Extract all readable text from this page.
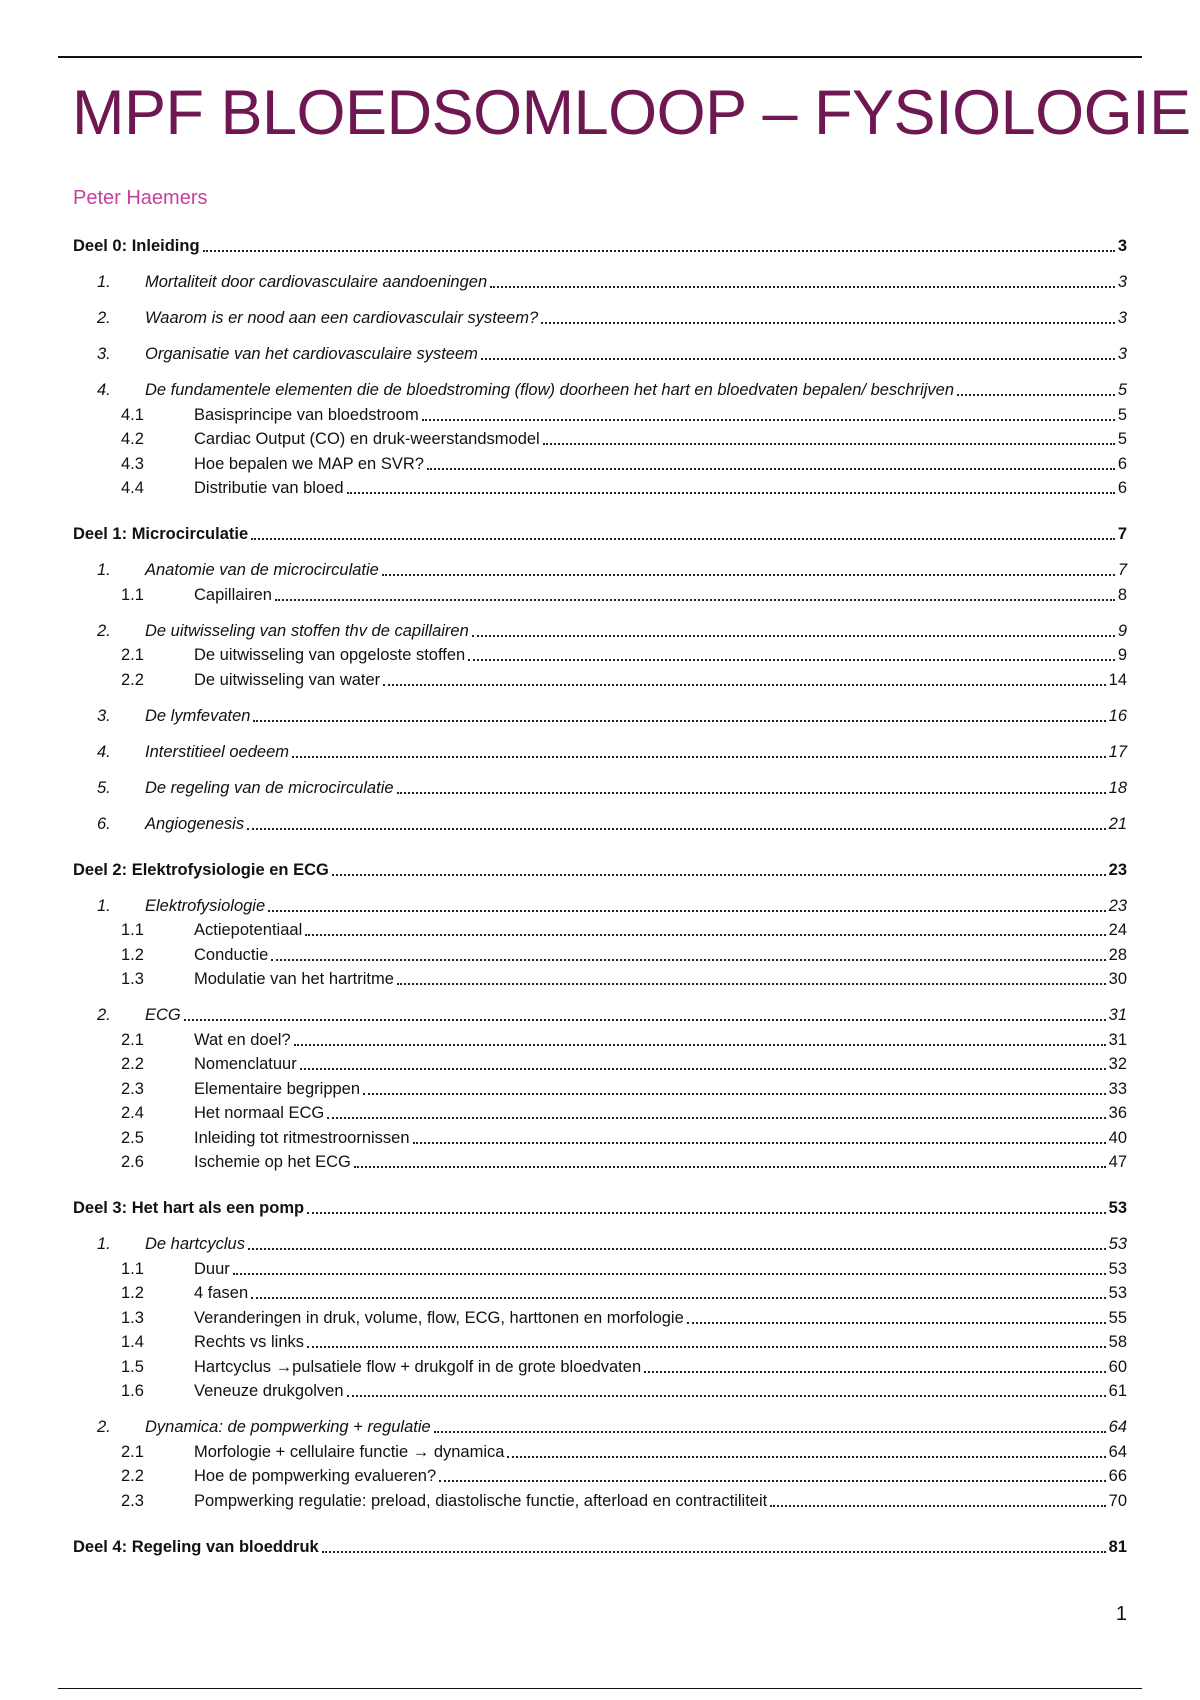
MPF BLOEDSOMLOOP – FYSIOLOGIE
Peter Haemers
Deel 0: Inleiding	3
1.	Mortaliteit door cardiovasculaire aandoeningen	3
2.	Waarom is er nood aan een cardiovasculair systeem?	3
3.	Organisatie van het cardiovasculaire systeem	3
4.	De fundamentele elementen die de bloedstroming (flow) doorheen het hart en bloedvaten bepalen/ beschrijven	5
4.1	Basisprincipe van bloedstroom	5
4.2	Cardiac Output (CO) en druk-weerstandsmodel	5
4.3	Hoe bepalen we MAP en SVR?	6
4.4	Distributie van bloed	6
Deel 1: Microcirculatie	7
1.	Anatomie van de microcirculatie	7
1.1	Capillairen	8
2.	De uitwisseling van stoffen thv de capillairen	9
2.1	De uitwisseling van opgeloste stoffen	9
2.2	De uitwisseling van water	14
3.	De lymfevaten	16
4.	Interstitieel oedeem	17
5.	De regeling van de microcirculatie	18
6.	Angiogenesis	21
Deel 2: Elektrofysiologie en ECG	23
1.	Elektrofysiologie	23
1.1	Actiepotentiaal	24
1.2	Conductie	28
1.3	Modulatie van het hartritme	30
2.	ECG	31
2.1	Wat en doel?	31
2.2	Nomenclatuur	32
2.3	Elementaire begrippen	33
2.4	Het normaal ECG	36
2.5	Inleiding tot ritmestroornissen	40
2.6	Ischemie op het ECG	47
Deel 3: Het hart als een pomp	53
1.	De hartcyclus	53
1.1	Duur	53
1.2	4 fasen	53
1.3	Veranderingen in druk, volume, flow, ECG, harttonen en morfologie	55
1.4	Rechts vs links	58
1.5	Hartcyclus →pulsatiele flow + drukgolf in de grote bloedvaten	60
1.6	Veneuze drukgolven	61
2.	Dynamica: de pompwerking + regulatie	64
2.1	Morfologie + cellulaire functie → dynamica	64
2.2	Hoe de pompwerking evalueren?	66
2.3	Pompwerking regulatie: preload, diastolische functie, afterload en contractiliteit	70
Deel 4: Regeling van bloeddruk	81
1
